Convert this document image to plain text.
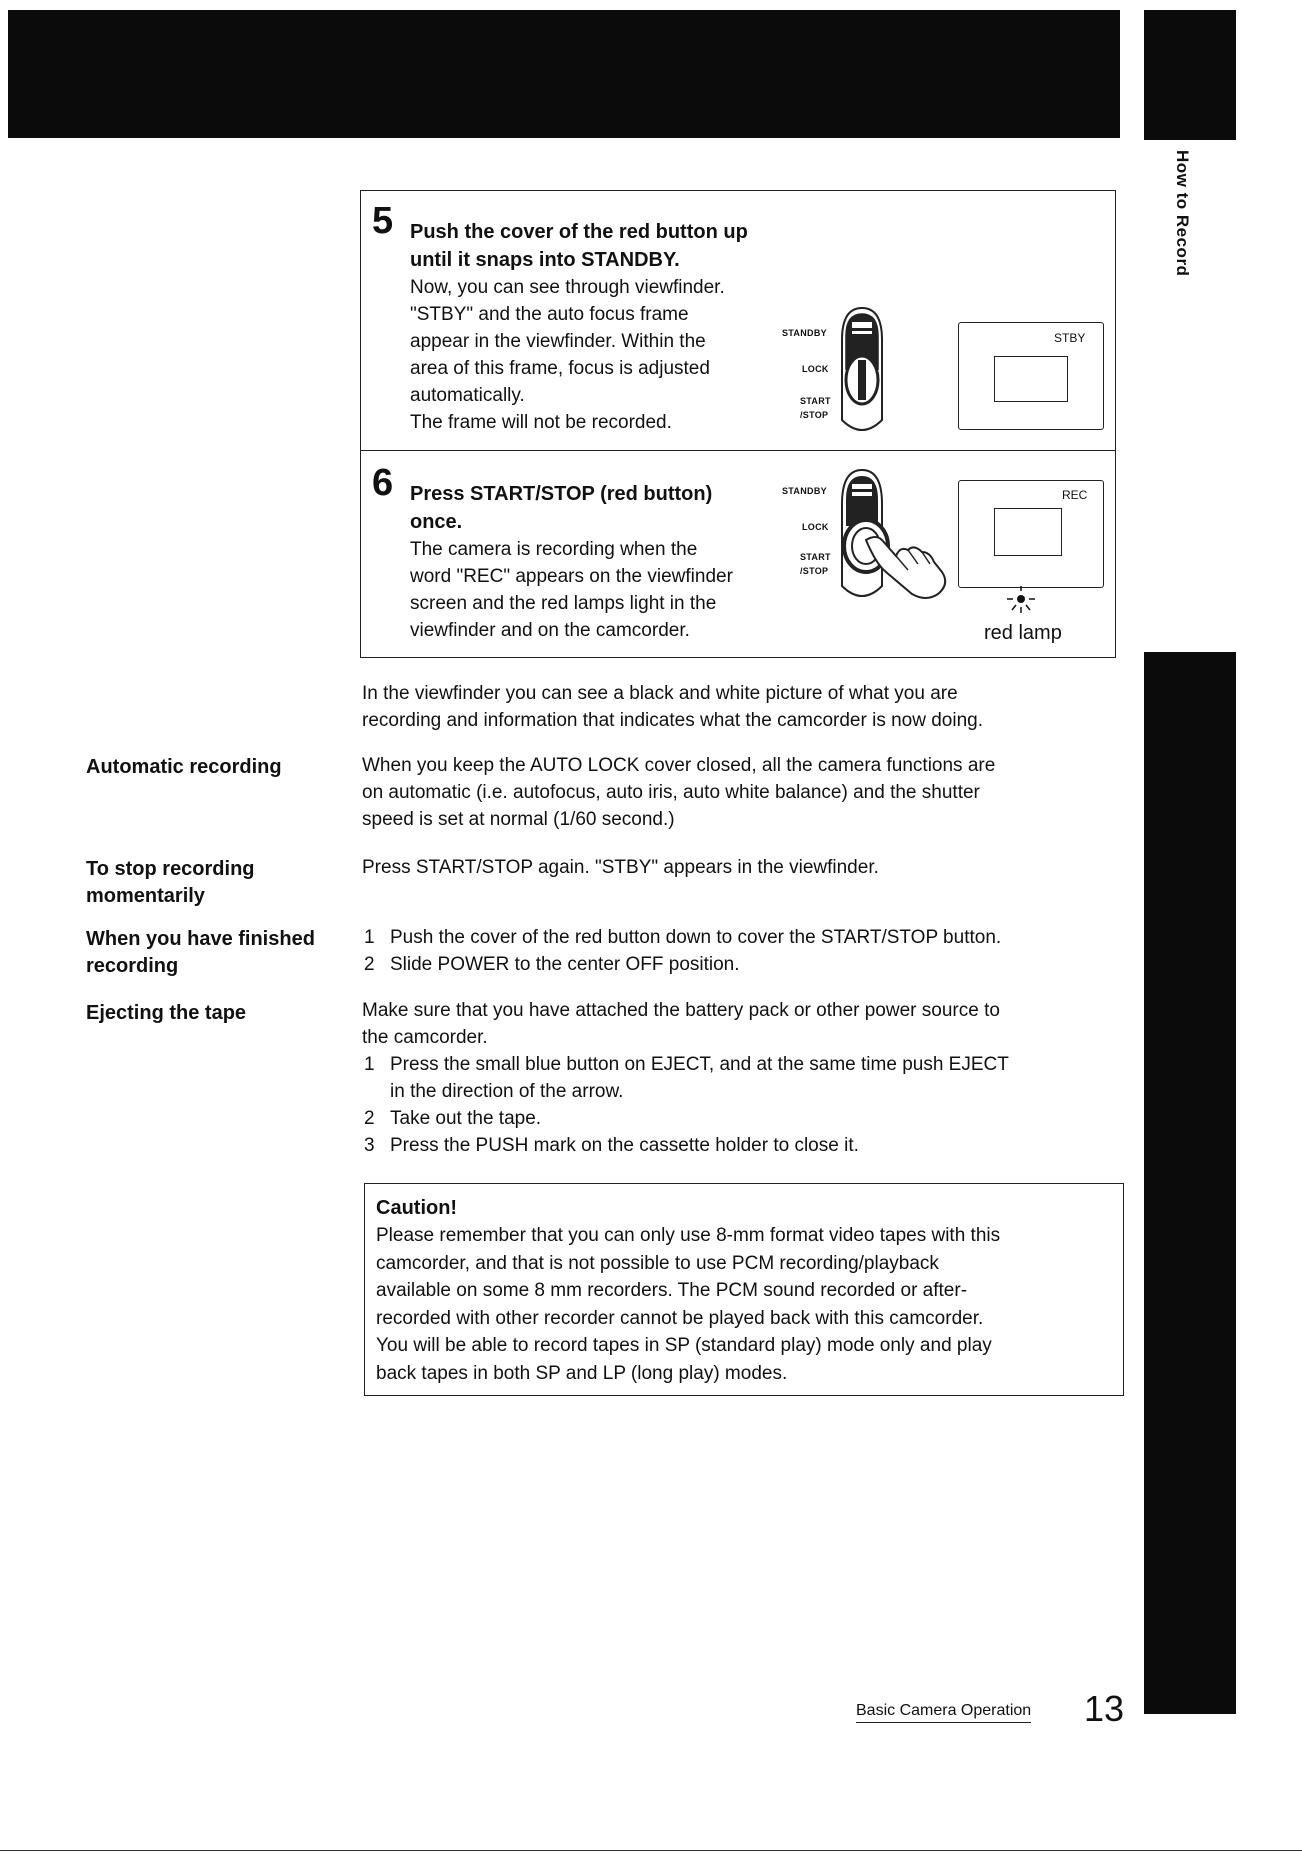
How to Record
5 Push the cover of the red button up
until it snaps into STANDBY.
Now, you can see through viewfinder.
"STBY" and the auto focus frame
appear in the viewfinder. Within the
area of this frame, focus is adjusted
automatically.
The frame will not be recorded.
STANDBY
LOCK
START
/STOP
STBY
6 Press START/STOP (red button)
once.
The camera is recording when the
word "REC" appears on the viewfinder
screen and the red lamps light in the
viewfinder and on the camcorder.
STANDBY
LOCK
START
/STOP
REC
red lamp
In the viewfinder you can see a black and white picture of what you are
recording and information that indicates what the camcorder is now doing.
Automatic recording	When you keep the AUTO LOCK cover closed, all the camera functions are
on automatic (i.e. autofocus, auto iris, auto white balance) and the shutter
speed is set at normal (1/60 second.)
To stop recording
momentarily
Press START/STOP again. "STBY" appears in the viewfinder.
When you have finished
recording
1 Push the cover of the red button down to cover the START/STOP button.
2 Slide POWER to the center OFF position.
Ejecting the tape	Make sure that you have attached the battery pack or other power source to
the camcorder.
1 Press the small blue button on EJECT, and at the same time push EJECT
in the direction of the arrow.
2 Take out the tape.
3 Press the PUSH mark on the cassette holder to close it.
Caution!
Please remember that you can only use 8-mm format video tapes with this
camcorder, and that is not possible to use PCM recording/playback
available on some 8 mm recorders. The PCM sound recorded or after-
recorded with other recorder cannot be played back with this camcorder.
You will be able to record tapes in SP (standard play) mode only and play
back tapes in both SP and LP (long play) modes.
Basic Camera Operation 13
